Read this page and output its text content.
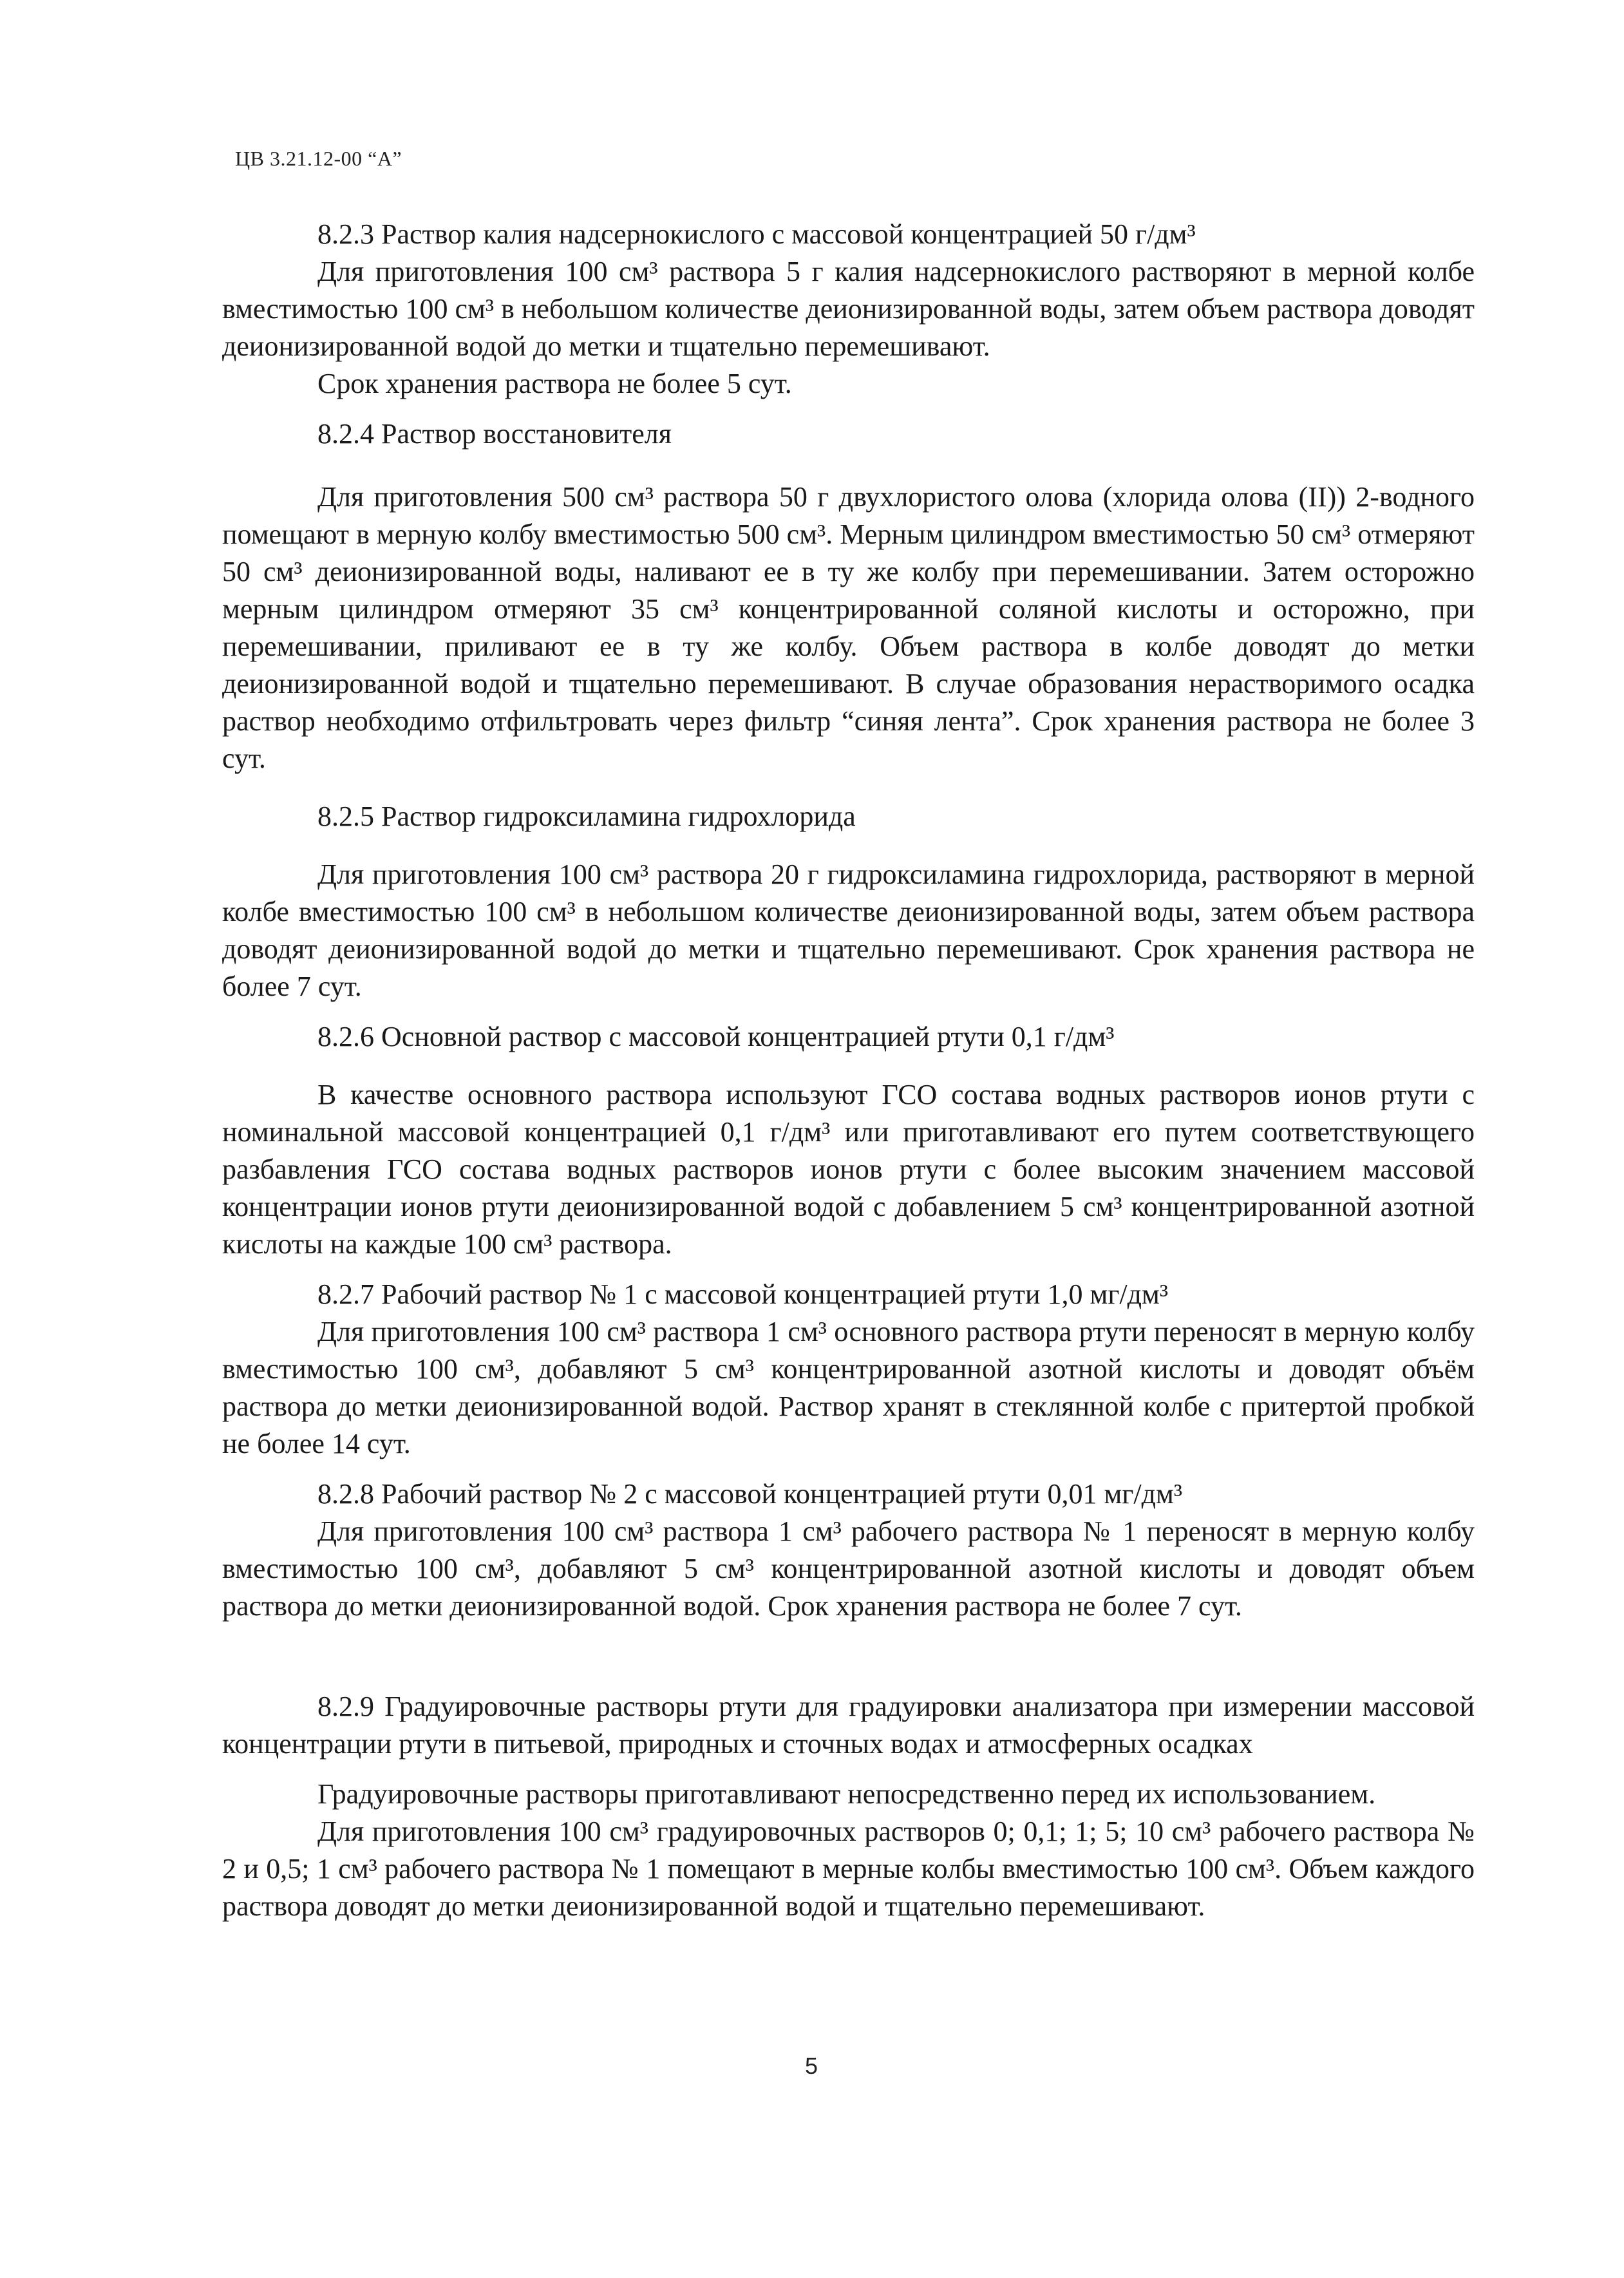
ЦВ 3.21.12-00 “А”

8.2.3 Раствор калия надсернокислого с массовой концентрацией 50 г/дм³

Для приготовления 100 см³ раствора 5 г калия надсернокислого растворяют в мерной колбе вместимостью 100 см³ в небольшом количестве деионизированной воды, затем объем раствора доводят деионизированной водой до метки и тщательно перемешивают.

Срок хранения раствора не более 5 сут.

8.2.4 Раствор восстановителя

Для приготовления 500 см³ раствора 50 г двухлористого олова (хлорида олова (II)) 2-водного помещают в мерную колбу вместимостью 500 см³. Мерным цилиндром вместимостью 50 см³ отмеряют 50 см³ деионизированной воды, наливают ее в ту же колбу при перемешивании. Затем осторожно мерным цилиндром отмеряют 35 см³ концентрированной соляной кислоты и осторожно, при перемешивании, приливают ее в ту же колбу. Объем раствора в колбе доводят до метки деионизированной водой и тщательно перемешивают. В случае образования нерастворимого осадка раствор необходимо отфильтровать через фильтр “синяя лента”. Срок хранения раствора не более 3 сут.

8.2.5 Раствор гидроксиламина гидрохлорида

Для приготовления 100 см³ раствора 20 г гидроксиламина гидрохлорида, растворяют в мерной колбе вместимостью 100 см³ в небольшом количестве деионизированной воды, затем объем раствора доводят деионизированной водой до метки и тщательно перемешивают. Срок хранения раствора не более 7 сут.

8.2.6 Основной раствор с массовой концентрацией ртути 0,1 г/дм³

В качестве основного раствора используют ГСО состава водных растворов ионов ртути с номинальной массовой концентрацией 0,1 г/дм³ или приготавливают его путем соответствующего разбавления ГСО состава водных растворов ионов ртути с более высоким значением массовой концентрации ионов ртути деионизированной водой с добавлением 5 см³ концентрированной азотной кислоты на каждые 100 см³ раствора.

8.2.7 Рабочий раствор № 1 с массовой концентрацией ртути 1,0 мг/дм³

Для приготовления 100 см³ раствора 1 см³ основного раствора ртути переносят в мерную колбу вместимостью 100 см³, добавляют 5 см³ концентрированной азотной кислоты и доводят объём раствора до метки деионизированной водой. Раствор хранят в стеклянной колбе с притертой пробкой не более 14 сут.

8.2.8 Рабочий раствор № 2 с массовой концентрацией ртути 0,01 мг/дм³

Для приготовления 100 см³ раствора 1 см³ рабочего раствора № 1 переносят в мерную колбу вместимостью 100 см³, добавляют 5 см³ концентрированной азотной кислоты и доводят объем раствора до метки деионизированной водой. Срок хранения раствора не более 7 сут.

8.2.9 Градуировочные растворы ртути для градуировки анализатора при измерении массовой концентрации ртути в питьевой, природных и сточных водах и атмосферных осадках

Градуировочные растворы приготавливают непосредственно перед их использованием.

Для приготовления 100 см³ градуировочных растворов 0; 0,1; 1; 5; 10 см³ рабочего раствора № 2 и 0,5; 1 см³ рабочего раствора № 1 помещают в мерные колбы вместимостью 100 см³. Объем каждого раствора доводят до метки деионизированной водой и тщательно перемешивают.

5
